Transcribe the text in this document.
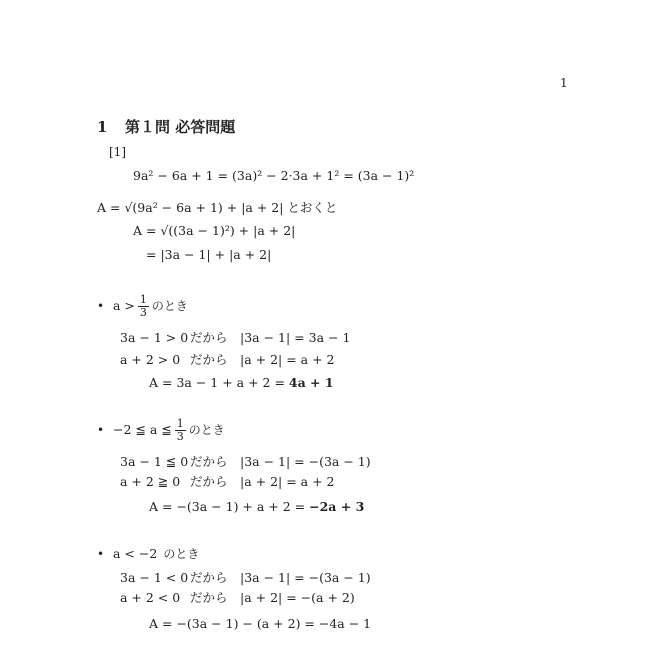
1
1 第１問 必答問題
[1]
9a² − 6a + 1 = (3a)² − 2·3a + 1² = (3a − 1)²
A = √(9a² − 6a + 1) + |a + 2| とおくと
A = √((3a − 1)²) + |a + 2|
= |3a − 1| + |a + 2|
• $a > \frac{1}{3}$ のとき
3a − 1 > 0 だから |3a − 1| = 3a − 1
a + 2 > 0 だから |a + 2| = a + 2
A = 3a − 1 + a + 2 = 4a + 1
• −2 ≦ a ≦ $\frac{1}{3}$ のとき
3a − 1 ≦ 0 だから |3a − 1| = −(3a − 1)
a + 2 ≧ 0 だから |a + 2| = a + 2
A = −(3a − 1) + a + 2 = −2a + 3
• a < −2 のとき
3a − 1 < 0 だから |3a − 1| = −(3a − 1)
a + 2 < 0 だから |a + 2| = −(a + 2)
A = −(3a − 1) − (a + 2) = −4a − 1
